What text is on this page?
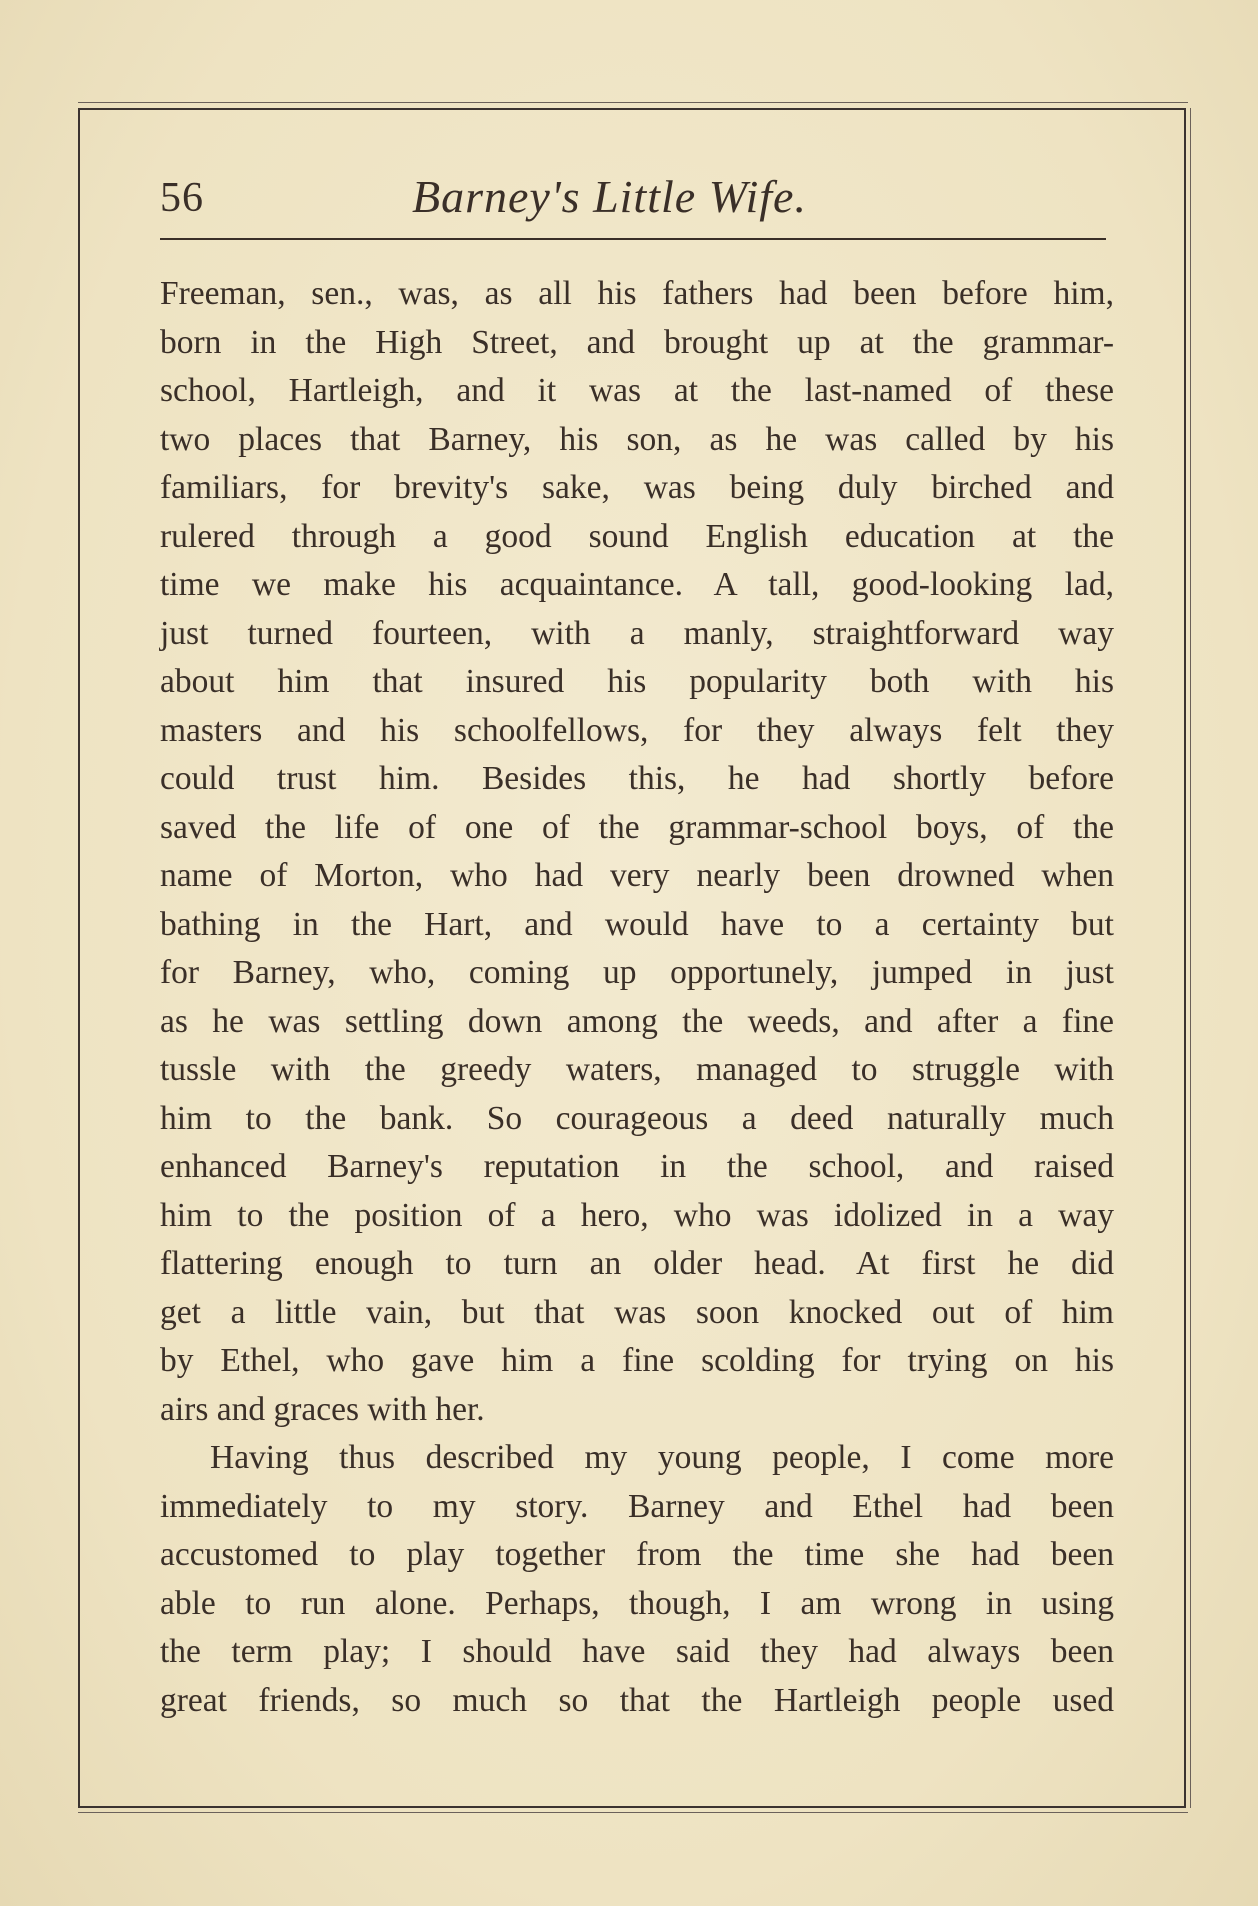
56	Barney's Little Wife.
Freeman, sen., was, as all his fathers had been before him,
born in the High Street, and brought up at the grammar-
school, Hartleigh, and it was at the last-named of these
two places that Barney, his son, as he was called by his
familiars, for brevity's sake, was being duly birched and
rulered through a good sound English education at the
time we make his acquaintance. A tall, good-looking lad,
just turned fourteen, with a manly, straightforward way
about him that insured his popularity both with his
masters and his schoolfellows, for they always felt they
could trust him. Besides this, he had shortly before
saved the life of one of the grammar-school boys, of the
name of Morton, who had very nearly been drowned when
bathing in the Hart, and would have to a certainty but
for Barney, who, coming up opportunely, jumped in just
as he was settling down among the weeds, and after a fine
tussle with the greedy waters, managed to struggle with
him to the bank. So courageous a deed naturally much
enhanced Barney's reputation in the school, and raised
him to the position of a hero, who was idolized in a way
flattering enough to turn an older head. At first he did
get a little vain, but that was soon knocked out of him
by Ethel, who gave him a fine scolding for trying on his
airs and graces with her.
Having thus described my young people, I come more
immediately to my story. Barney and Ethel had been
accustomed to play together from the time she had been
able to run alone. Perhaps, though, I am wrong in using
the term play; I should have said they had always been
great friends, so much so that the Hartleigh people used
